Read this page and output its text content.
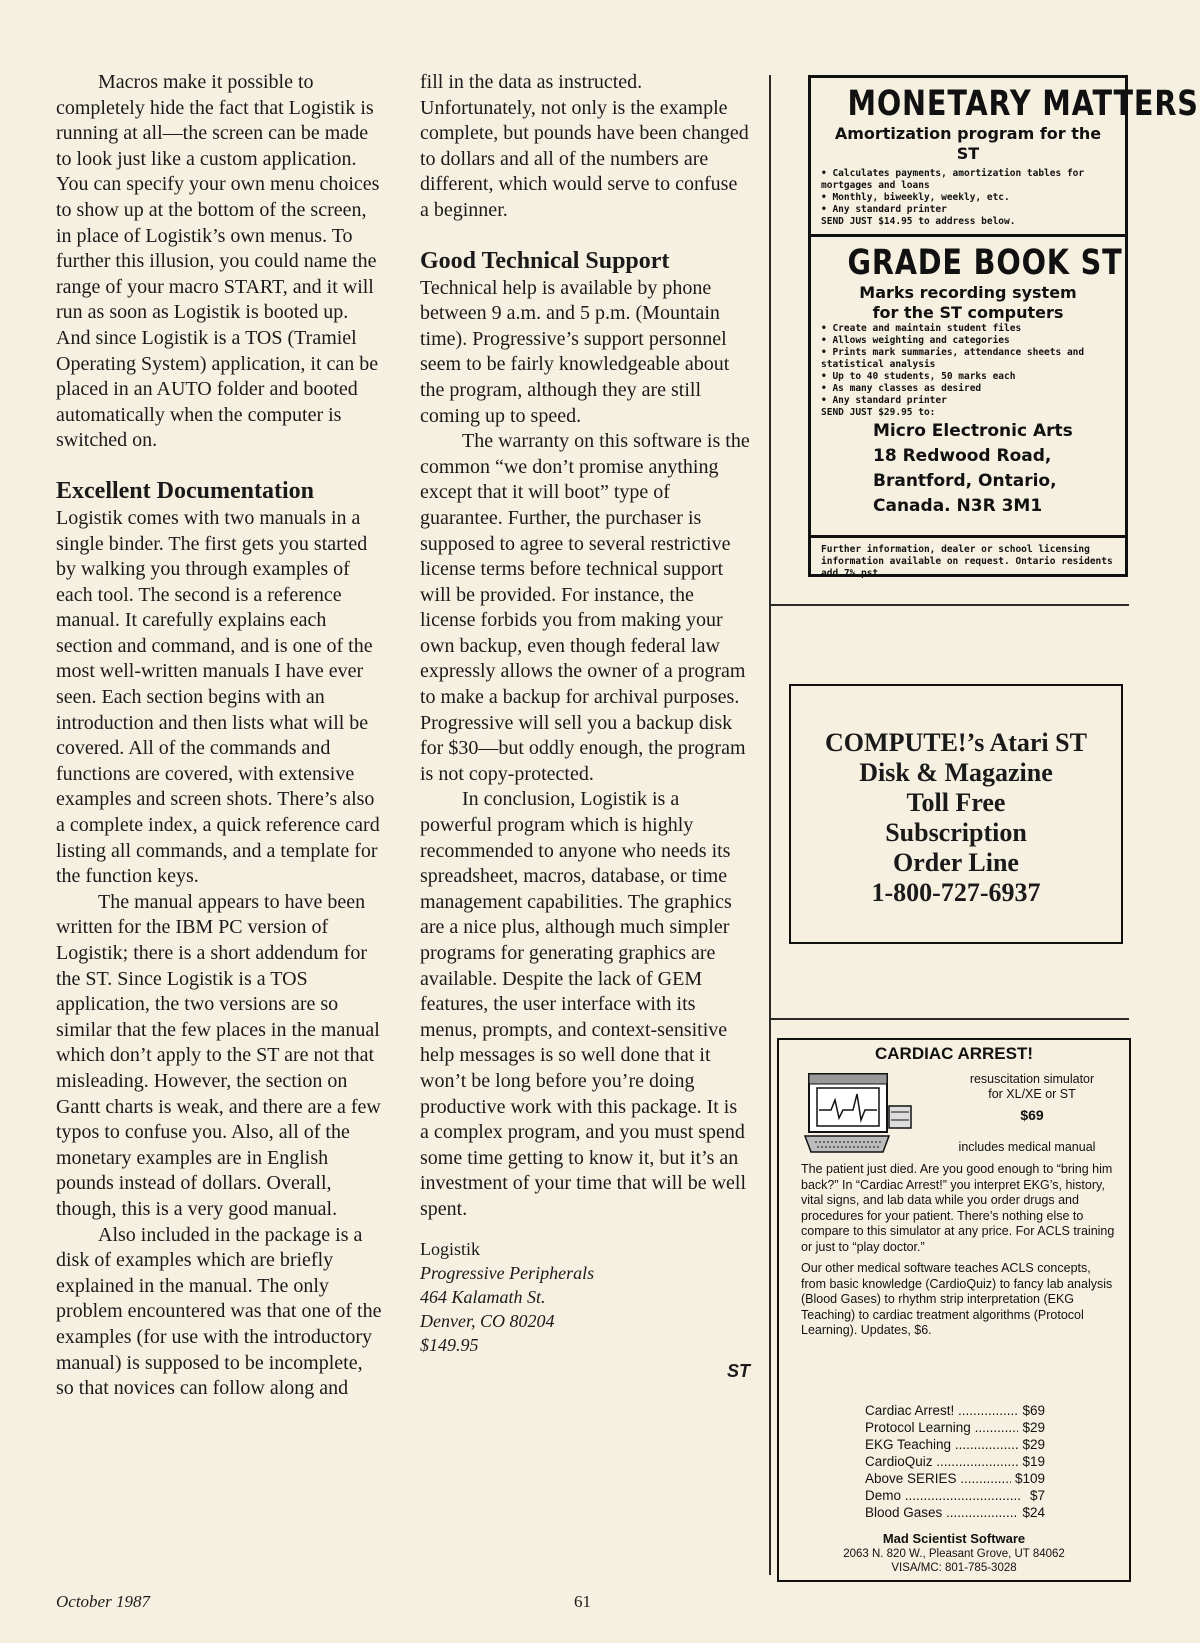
Macros make it possible to completely hide the fact that Logistik is running at all—the screen can be made to look just like a custom application. You can specify your own menu choices to show up at the bottom of the screen, in place of Logistik’s own menus. To further this illusion, you could name the range of your macro START, and it will run as soon as Logistik is booted up. And since Logistik is a TOS (Tramiel Operating System) application, it can be placed in an AUTO folder and booted automatically when the computer is switched on.

Excellent Documentation

Logistik comes with two manuals in a single binder. The first gets you started by walking you through examples of each tool. The second is a reference manual. It carefully explains each section and command, and is one of the most well-written manuals I have ever seen. Each section begins with an introduction and then lists what will be covered. All of the commands and functions are covered, with extensive examples and screen shots. There’s also a complete index, a quick reference card listing all commands, and a template for the function keys.

The manual appears to have been written for the IBM PC version of Logistik; there is a short addendum for the ST. Since Logistik is a TOS application, the two versions are so similar that the few places in the manual which don’t apply to the ST are not that misleading. However, the section on Gantt charts is weak, and there are a few typos to confuse you. Also, all of the monetary examples are in English pounds instead of dollars. Overall, though, this is a very good manual.

Also included in the package is a disk of examples which are briefly explained in the manual. The only problem encountered was that one of the examples (for use with the introductory manual) is supposed to be incomplete, so that novices can follow along and

fill in the data as instructed. Unfortunately, not only is the example complete, but pounds have been changed to dollars and all of the numbers are different, which would serve to confuse a beginner.

Good Technical Support

Technical help is available by phone between 9 a.m. and 5 p.m. (Mountain time). Progressive’s support personnel seem to be fairly knowledgeable about the program, although they are still coming up to speed.

The warranty on this software is the common “we don’t promise anything except that it will boot” type of guarantee. Further, the purchaser is supposed to agree to several restrictive license terms before technical support will be provided. For instance, the license forbids you from making your own backup, even though federal law expressly allows the owner of a program to make a backup for archival purposes. Progressive will sell you a backup disk for $30—but oddly enough, the program is not copy-protected.

In conclusion, Logistik is a powerful program which is highly recommended to anyone who needs its spreadsheet, macros, database, or time management capabilities. The graphics are a nice plus, although much simpler programs for generating graphics are available. Despite the lack of GEM features, the user interface with its menus, prompts, and context-sensitive help messages is so well done that it won’t be long before you’re doing productive work with this package. It is a complex program, and you must spend some time getting to know it, but it’s an investment of your time that will be well spent.

Logistik
Progressive Peripherals
464 Kalamath St.
Denver, CO 80204
$149.95
ST
MONETARY MATTERS
Amortization program for the ST
• Calculates payments, amortization tables for mortgages and loans
• Monthly, biweekly, weekly, etc.
• Any standard printer
SEND JUST $14.95 to address below.
GRADE BOOK ST
Marks recording system
for the ST computers
• Create and maintain student files
• Allows weighting and categories
• Prints mark summaries, attendance sheets and statistical analysis
• Up to 40 students, 50 marks each
• As many classes as desired
• Any standard printer
SEND JUST $29.95 to:
Micro Electronic Arts
18 Redwood Road,
Brantford, Ontario,
Canada. N3R 3M1
Further information, dealer or school licensing information available on request. Ontario residents add 7% pst.
COMPUTE!’s Atari ST
Disk & Magazine
Toll Free
Subscription
Order Line
1-800-727-6937
CARDIAC ARREST!
resuscitation simulator
for XL/XE or ST
$69
includes medical manual

The patient just died. Are you good enough to “bring him back?” In “Cardiac Arrest!” you interpret EKG’s, history, vital signs, and lab data while you order drugs and procedures for your patient. There’s nothing else to compare to this simulator at any price. For ACLS training or just to “play doctor.”

Our other medical software teaches ACLS concepts, from basic knowledge (CardioQuiz) to fancy lab analysis (Blood Gases) to rhythm strip interpretation (EKG Teaching) to cardiac treatment algorithms (Protocol Learning). Updates, $6.

Cardiac Arrest! .....	$69
Protocol Learning .....	$29
EKG Teaching .....	$29
CardioQuiz .....	$19
Above SERIES .....	$109
Demo .....	$7
Blood Gases .....	$24
Mad Scientist Software
2063 N. 820 W., Pleasant Grove, UT 84062
VISA/MC: 801-785-3028
October 1987	61
